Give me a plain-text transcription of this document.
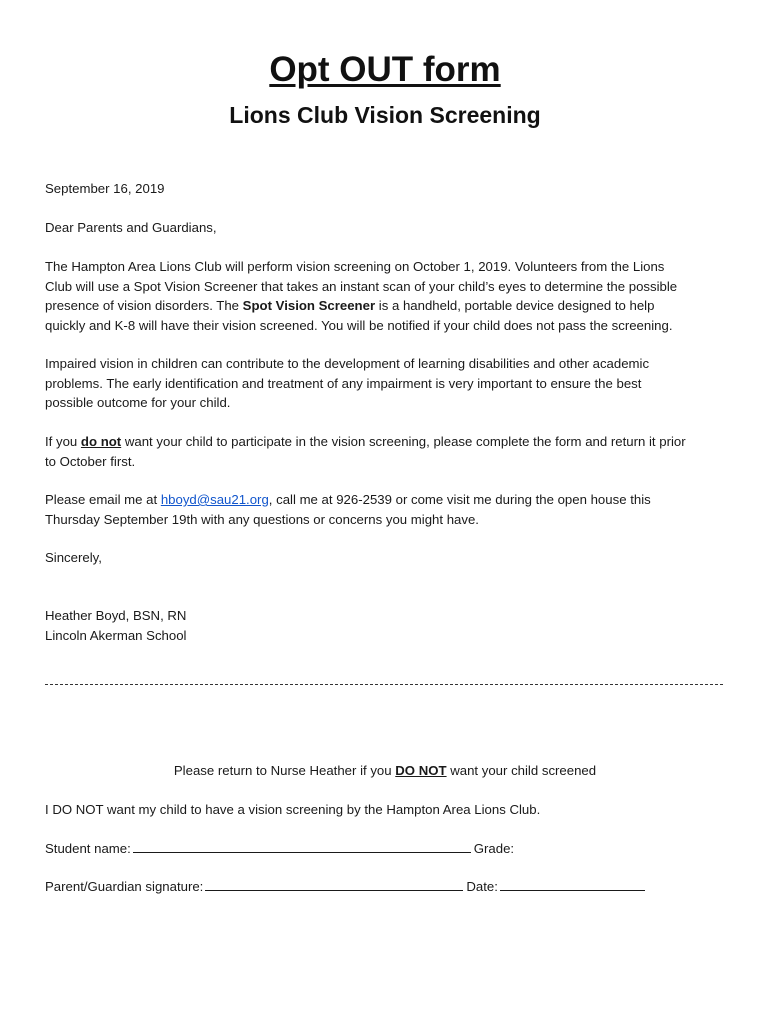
Opt OUT form
Lions Club Vision Screening

September 16, 2019

Dear Parents and Guardians,

The Hampton Area Lions Club will perform vision screening on October 1, 2019. Volunteers from the Lions
Club will use a Spot Vision Screener that takes an instant scan of your child’s eyes to determine the possible
presence of vision disorders. The Spot Vision Screener is a handheld, portable device designed to help
quickly and K-8 will have their vision screened. You will be notified if your child does not pass the screening.

Impaired vision in children can contribute to the development of learning disabilities and other academic
problems. The early identification and treatment of any impairment is very important to ensure the best
possible outcome for your child.

If you do not want your child to participate in the vision screening, please complete the form and return it prior
to October first.

Please email me at hboyd@sau21.org, call me at 926-2539 or come visit me during the open house this
Thursday September 19th with any questions or concerns you might have.

Sincerely,

Heather Boyd, BSN, RN

Lincoln Akerman School

Please return to Nurse Heather if you DO NOT want your child screened

I DO NOT want my child to have a vision screening by the Hampton Area Lions Club.

Student name:	Grade:
Parent/Guardian signature:	Date:
